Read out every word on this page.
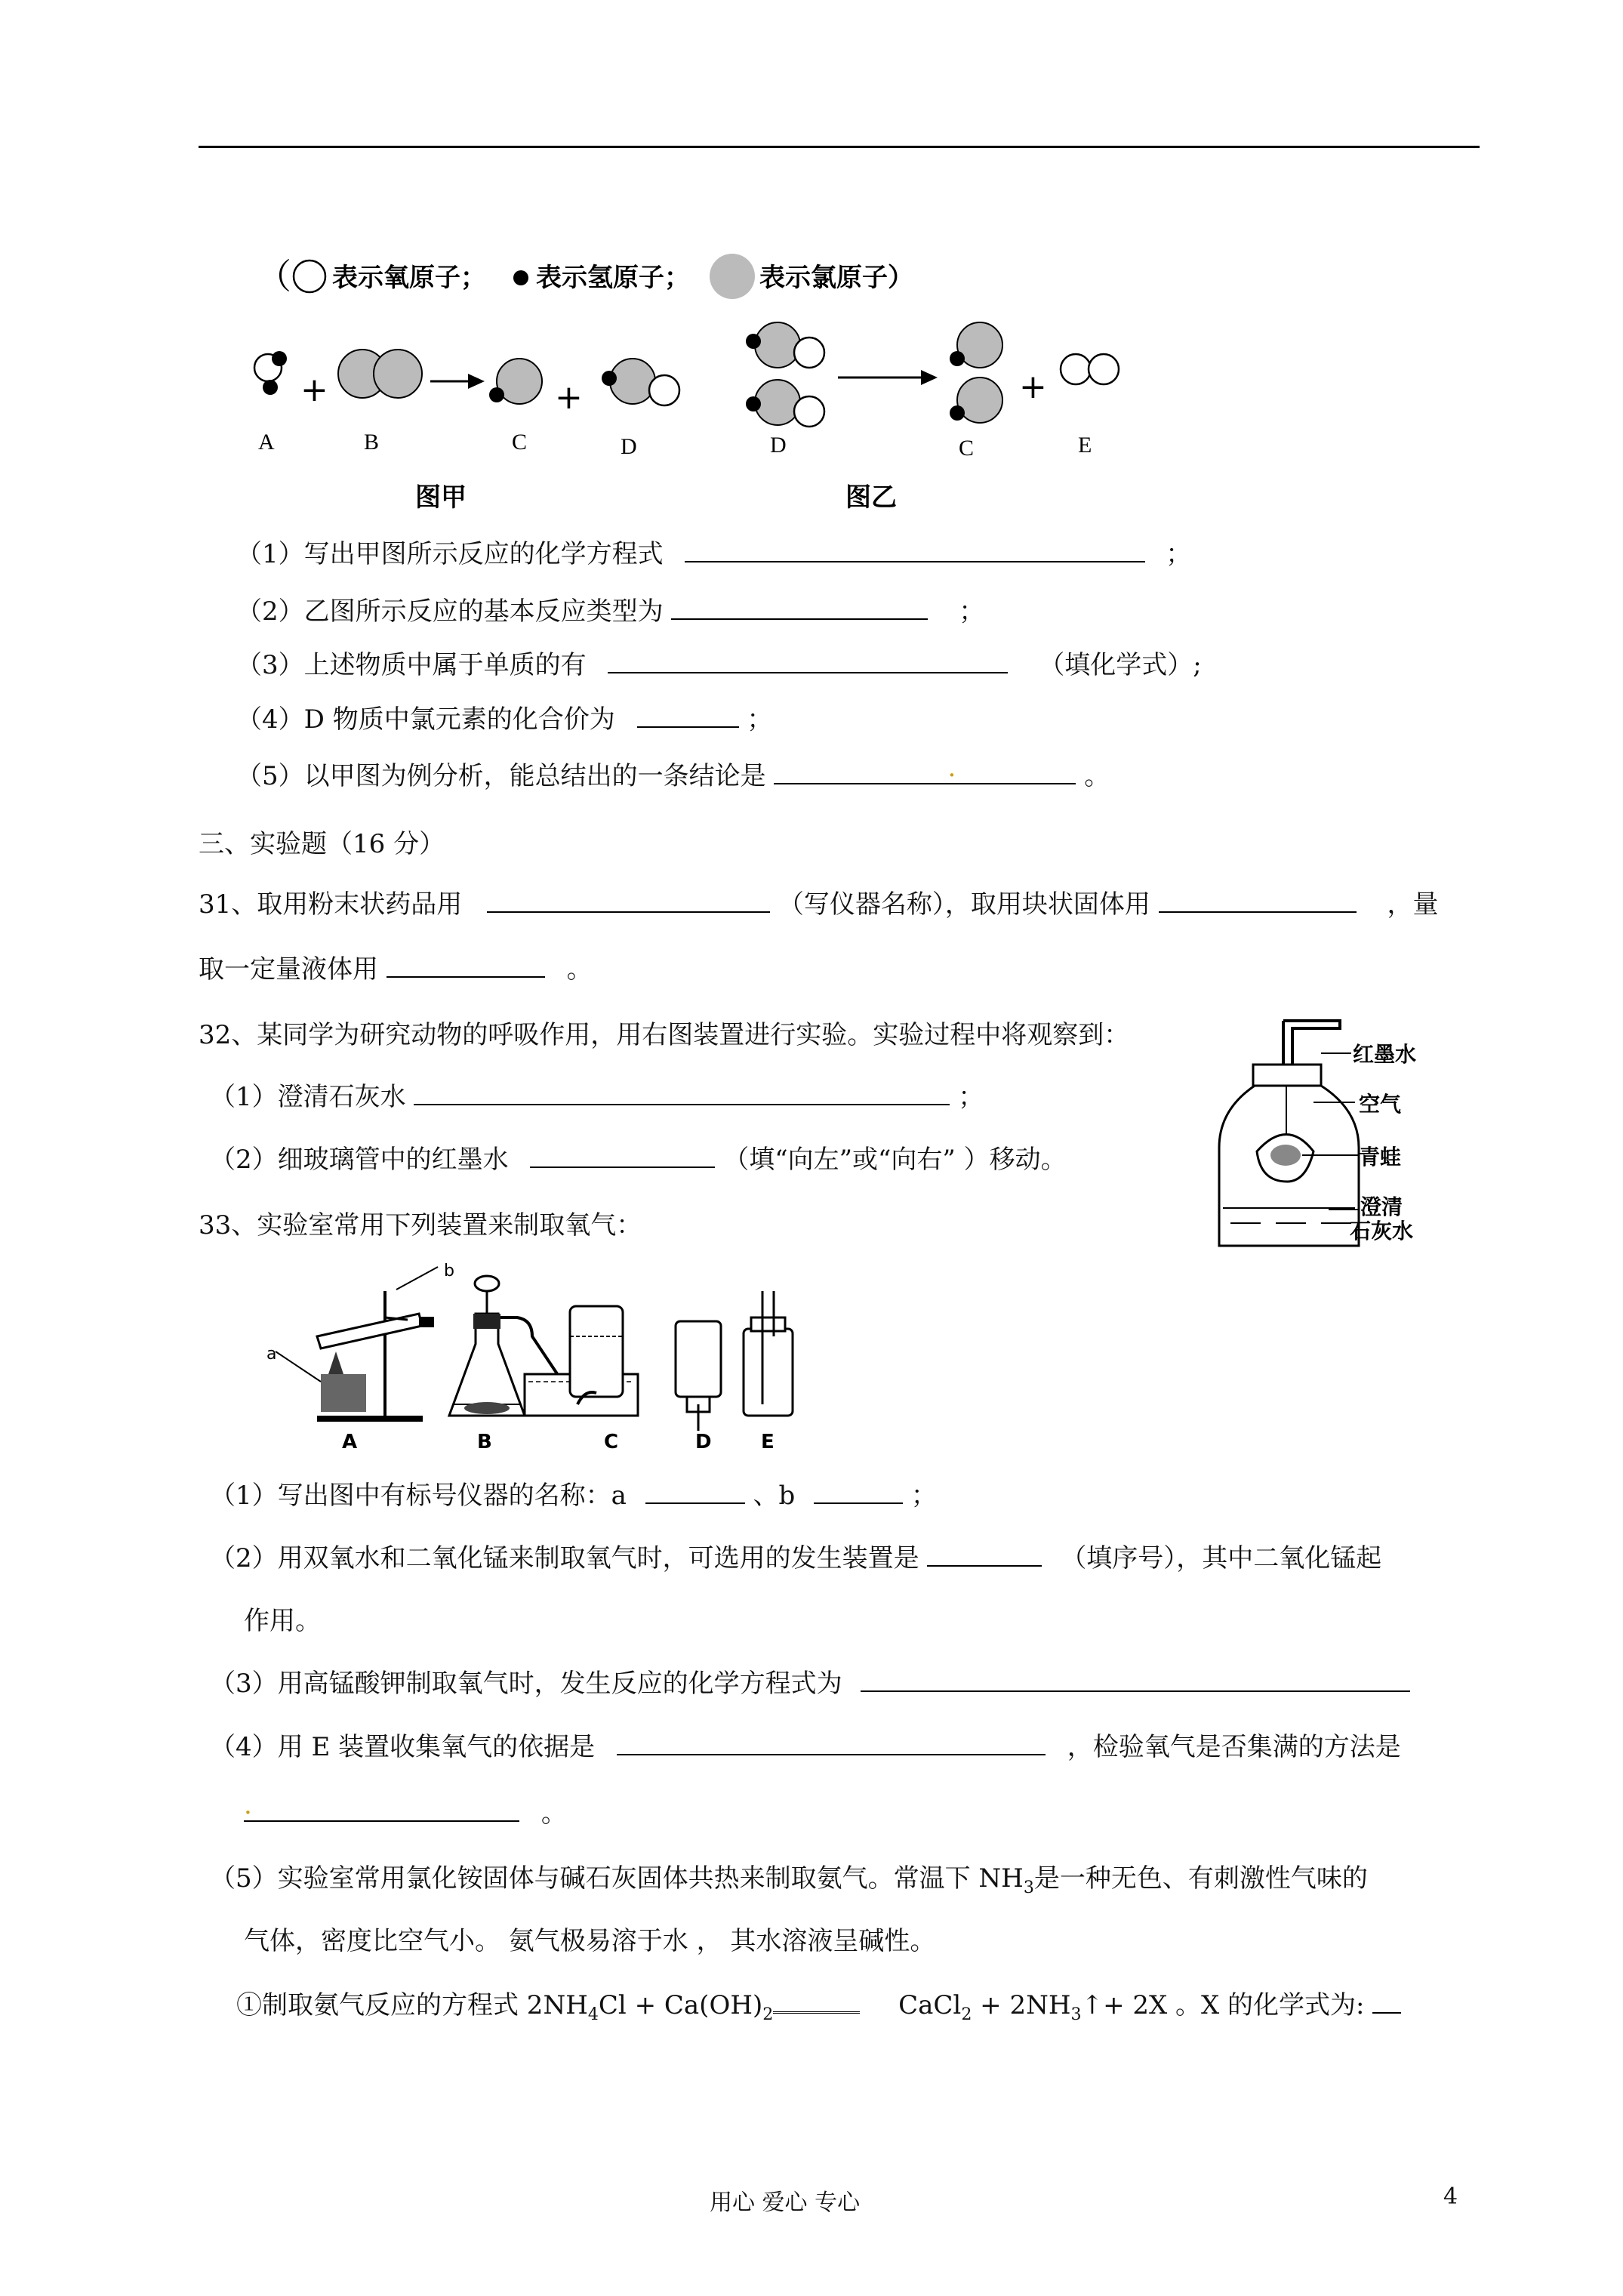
（ 表示氧原子； 表示氢原子；	表示氯原子）
+	+	+
A	B	C	D	D	C	E
图甲	图乙
（1）写出甲图所示反应的化学方程式	；
（2）乙图所示反应的基本反应类型为	；
（3）上述物质中属于单质的有	（填化学式）;
（4）D 物质中氯元素的化合价为	；
（5）以甲图为例分析，能总结出的一条结论是	.	。
三、实验题（16 分）
31、取用粉末状药品用	（写仪器名称），取用块状固体用	，量
取一定量液体用	。
32、某同学为研究动物的呼吸作用，用右图装置进行实验。实验过程中将观察到：
（1）澄清石灰水	；
（2）细玻璃管中的红墨水	（填“向左”或“向右” ）移动。
红墨水
空气
青蛙
澄清
石灰水
33、实验室常用下列装置来制取氧气：
a
b
A	B	C	D	E
（1）写出图中有标号仪器的名称：a	、b	；
（2）用双氧水和二氧化锰来制取氧气时，可选用的发生装置是	（填序号），其中二氧化锰起
作用。
（3）用高锰酸钾制取氧气时，发生反应的化学方程式为
（4）用 E 装置收集氧气的依据是	，检验氧气是否集满的方法是
.	。
（5）实验室常用氯化铵固体与碱石灰固体共热来制取氨气。常温下 $NH_3$是一种无色、有刺激性气味的
气体，密度比空气小。 氨气极易溶于水 ， 其水溶液呈碱性。
①制取氨气反应的方程式 $2NH_4Cl + Ca(OH)_2$	CaCl$_2$ + $2NH_3↑+ 2X$ 。X 的化学式为:
用心 爱心 专心	4
